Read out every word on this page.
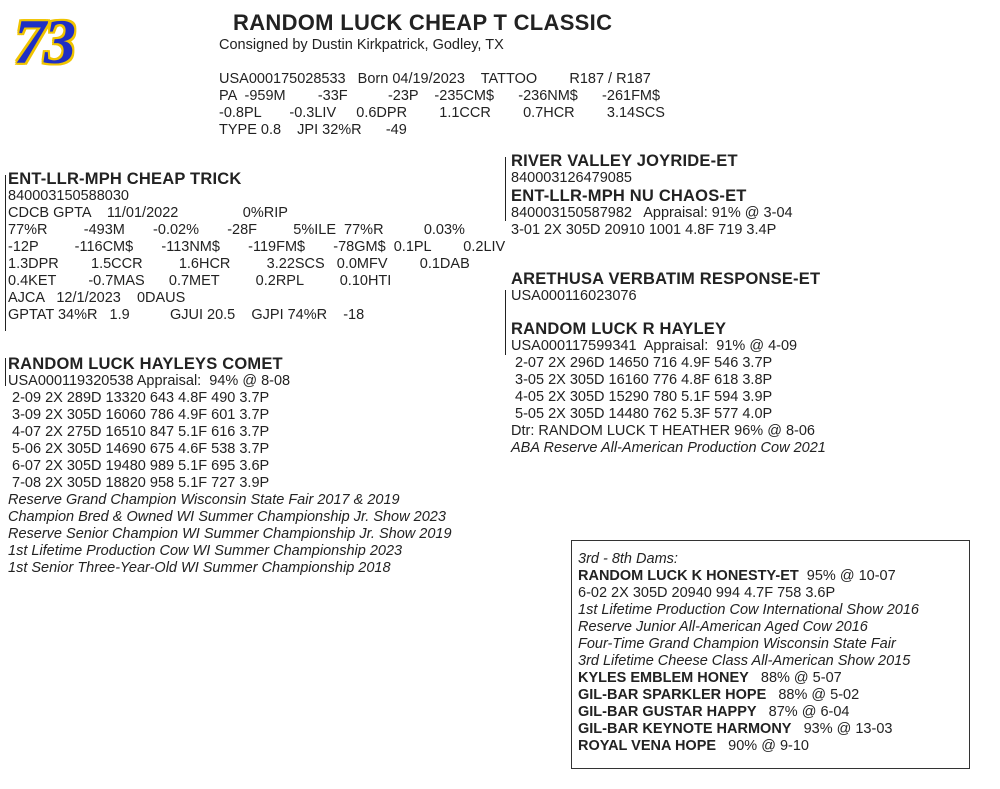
73	RANDOM LUCK CHEAP T CLASSIC
Consigned by Dustin Kirkpatrick, Godley, TX
USA000175028533   Born 04/19/2023    TATTOO        R187 / R187
PA  -959M        -33F          -23P    -235CM$      -236NM$      -261FM$
-0.8PL       -0.3LIV     0.6DPR        1.1CCR        0.7HCR        3.14SCS
TYPE 0.8    JPI 32%R      -49
ENT-LLR-MPH CHEAP TRICK
840003150588030
CDCB GPTA    11/01/2022                0%RIP
77%R         -493M       -0.02%       -28F         5%ILE  77%R          0.03%
-12P         -116CM$       -113NM$       -119FM$       -78GM$  0.1PL        0.2LIV
1.3DPR        1.5CCR         1.6HCR         3.22SCS   0.0MFV        0.1DAB
0.4KET        -0.7MAS      0.7MET         0.2RPL         0.10HTI
AJCA   12/1/2023    0DAUS
GPTAT 34%R   1.9          GJUI 20.5    GJPI 74%R    -18
RIVER VALLEY JOYRIDE-ET
840003126479085
ENT-LLR-MPH NU CHAOS-ET
840003150587982   Appraisal: 91% @ 3-04
3-01 2X 305D 20910 1001 4.8F 719 3.4P
RANDOM LUCK HAYLEYS COMET
USA000119320538 Appraisal:  94% @ 8-08
2-09 2X 289D 13320 643 4.8F 490 3.7P
3-09 2X 305D 16060 786 4.9F 601 3.7P
4-07 2X 275D 16510 847 5.1F 616 3.7P
5-06 2X 305D 14690 675 4.6F 538 3.7P
6-07 2X 305D 19480 989 5.1F 695 3.6P
7-08 2X 305D 18820 958 5.1F 727 3.9P
Reserve Grand Champion Wisconsin State Fair 2017 & 2019
Champion Bred & Owned WI Summer Championship Jr. Show 2023
Reserve Senior Champion WI Summer Championship Jr. Show 2019
1st Lifetime Production Cow WI Summer Championship 2023
1st Senior Three-Year-Old WI Summer Championship 2018
ARETHUSA VERBATIM RESPONSE-ET
USA000116023076
RANDOM LUCK R HAYLEY
USA000117599341  Appraisal:  91% @ 4-09
2-07 2X 296D 14650 716 4.9F 546 3.7P
3-05 2X 305D 16160 776 4.8F 618 3.8P
4-05 2X 305D 15290 780 5.1F 594 3.9P
5-05 2X 305D 14480 762 5.3F 577 4.0P
Dtr: RANDOM LUCK T HEATHER 96% @ 8-06
ABA Reserve All-American Production Cow 2021
3rd - 8th Dams:
RANDOM LUCK K HONESTY-ET  95% @ 10-07
6-02 2X 305D 20940 994 4.7F 758 3.6P
1st Lifetime Production Cow International Show 2016
Reserve Junior All-American Aged Cow 2016
Four-Time Grand Champion Wisconsin State Fair
3rd Lifetime Cheese Class All-American Show 2015
KYLES EMBLEM HONEY   88% @ 5-07
GIL-BAR SPARKLER HOPE   88% @ 5-02
GIL-BAR GUSTAR HAPPY   87% @ 6-04
GIL-BAR KEYNOTE HARMONY   93% @ 13-03
ROYAL VENA HOPE   90% @ 9-10
